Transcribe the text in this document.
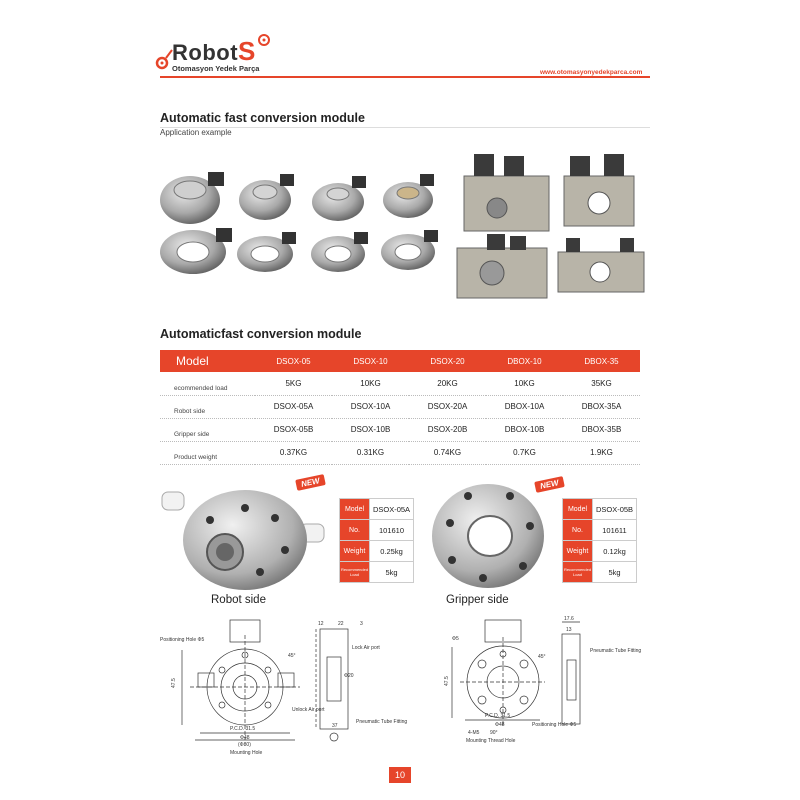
RobotS
Otomasyon Yedek Parça	www.otomasyonyedekparca.com
Automatic fast conversion module
Application example
Automaticfast conversion module
Model	DSOX-05	DSOX-10	DSOX-20	DBOX-10	DBOX-35
ecommended load	5KG	10KG	20KG	10KG	35KG
Robot side	DSOX-05A	DSOX-10A	DSOX-20A	DBOX-10A	DBOX-35A
Gripper side	DSOX-05B	DSOX-10B	DSOX-20B	DBOX-10B	DBOX-35B
Product weight	0.37KG	0.31KG	0.74KG	0.7KG	1.9KG
NEW
Model	DSOX-05A
No.	101610
Weight	0.25kg
Recommended Load	5kg
NEW
Model	DSOX-05B
No.	101611
Weight	0.12kg
Recommended Load	5kg
Robot side	Gripper side
Positioning Hole Φ5
47.5
P.C.D. 31.5
Φ48
(Φ80)
Mounting Hole
45°
12	22	3
Lock Air port
Φ20
Unlock Air port
Pneumatic Tube Fitting
37
Φ5
47.5
P.C.D. 31.5
Φ48
4-M5 90°
Positioning Hole Φ5
Mounting Thread Hole
45°
17.6
13
Pneumatic Tube Fitting
10
